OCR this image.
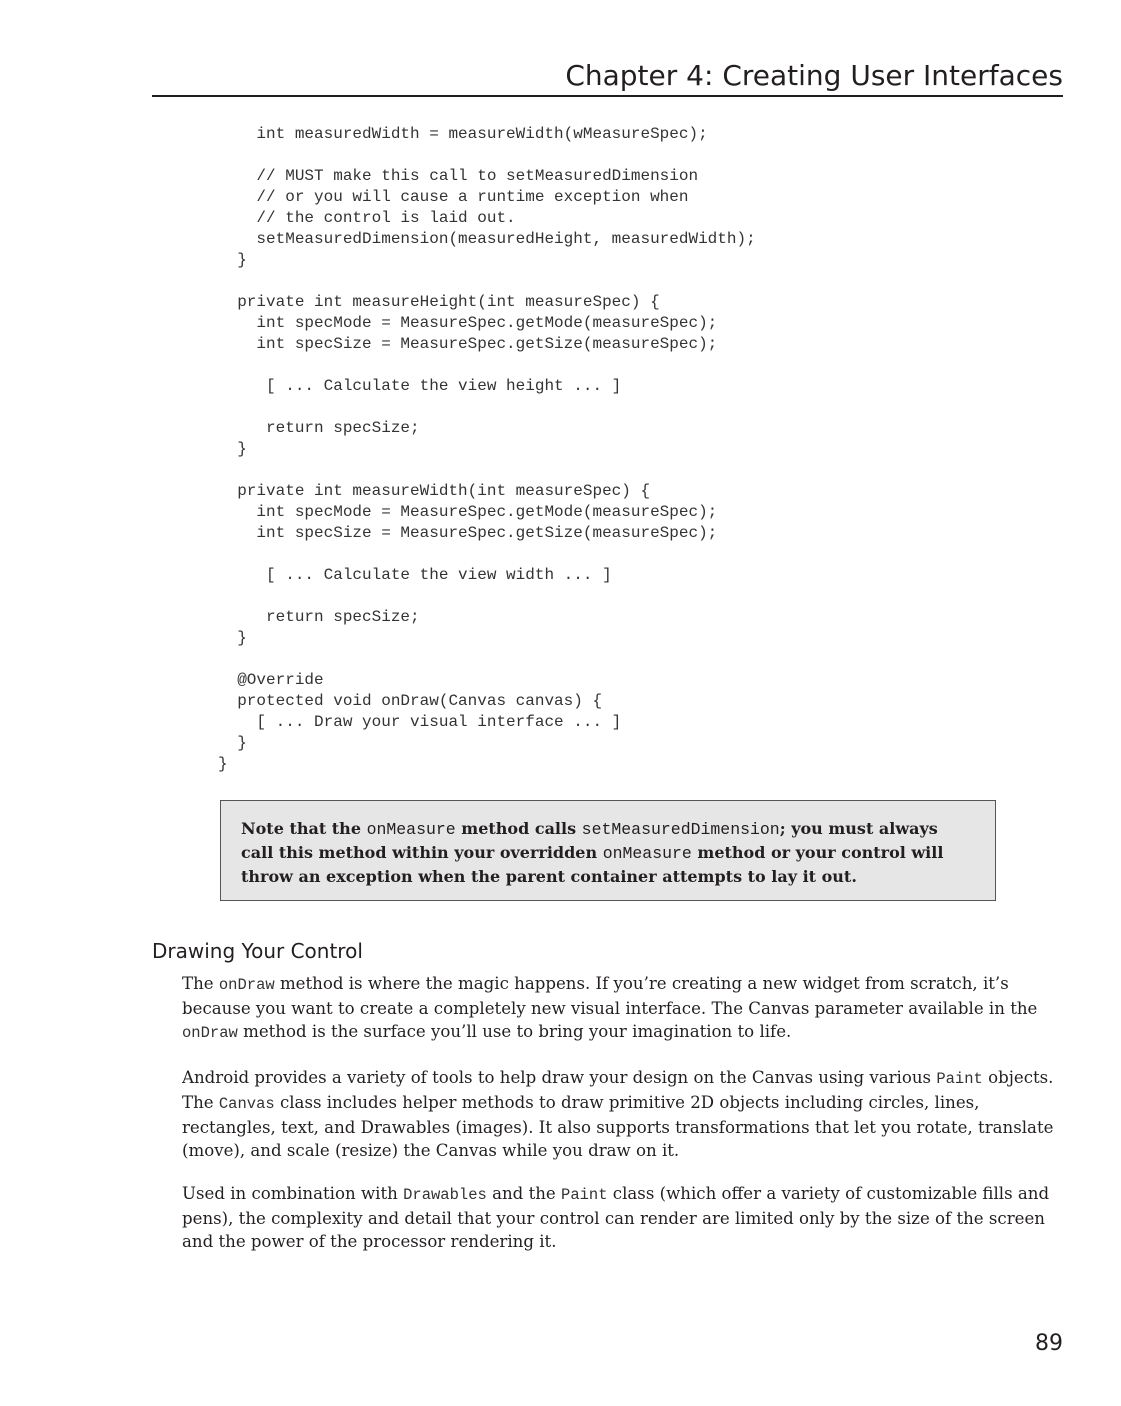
Chapter 4: Creating User Interfaces
int measuredWidth = measureWidth(wMeasureSpec);
// MUST make this call to setMeasuredDimension
// or you will cause a runtime exception when
// the control is laid out.
setMeasuredDimension(measuredHeight, measuredWidth);
}
private int measureHeight(int measureSpec) {
int specMode = MeasureSpec.getMode(measureSpec);
int specSize = MeasureSpec.getSize(measureSpec);
[ ... Calculate the view height ... ]
return specSize;
}
private int measureWidth(int measureSpec) {
int specMode = MeasureSpec.getMode(measureSpec);
int specSize = MeasureSpec.getSize(measureSpec);
[ ... Calculate the view width ... ]
return specSize;
}
@Override
protected void onDraw(Canvas canvas) {
[ ... Draw your visual interface ... ]
}
}
Note that the onMeasure method calls setMeasuredDimension; you must always call this method within your overridden onMeasure method or your control will throw an exception when the parent container attempts to lay it out.
Drawing Your Control

The onDraw method is where the magic happens. If you’re creating a new widget from scratch, it’s because you want to create a completely new visual interface. The Canvas parameter available in the onDraw method is the surface you’ll use to bring your imagination to life.

Android provides a variety of tools to help draw your design on the Canvas using various Paint objects. The Canvas class includes helper methods to draw primitive 2D objects including circles, lines, rectangles, text, and Drawables (images). It also supports transformations that let you rotate, translate (move), and scale (resize) the Canvas while you draw on it.

Used in combination with Drawables and the Paint class (which offer a variety of customizable fills and pens), the complexity and detail that your control can render are limited only by the size of the screen and the power of the processor rendering it.

89
